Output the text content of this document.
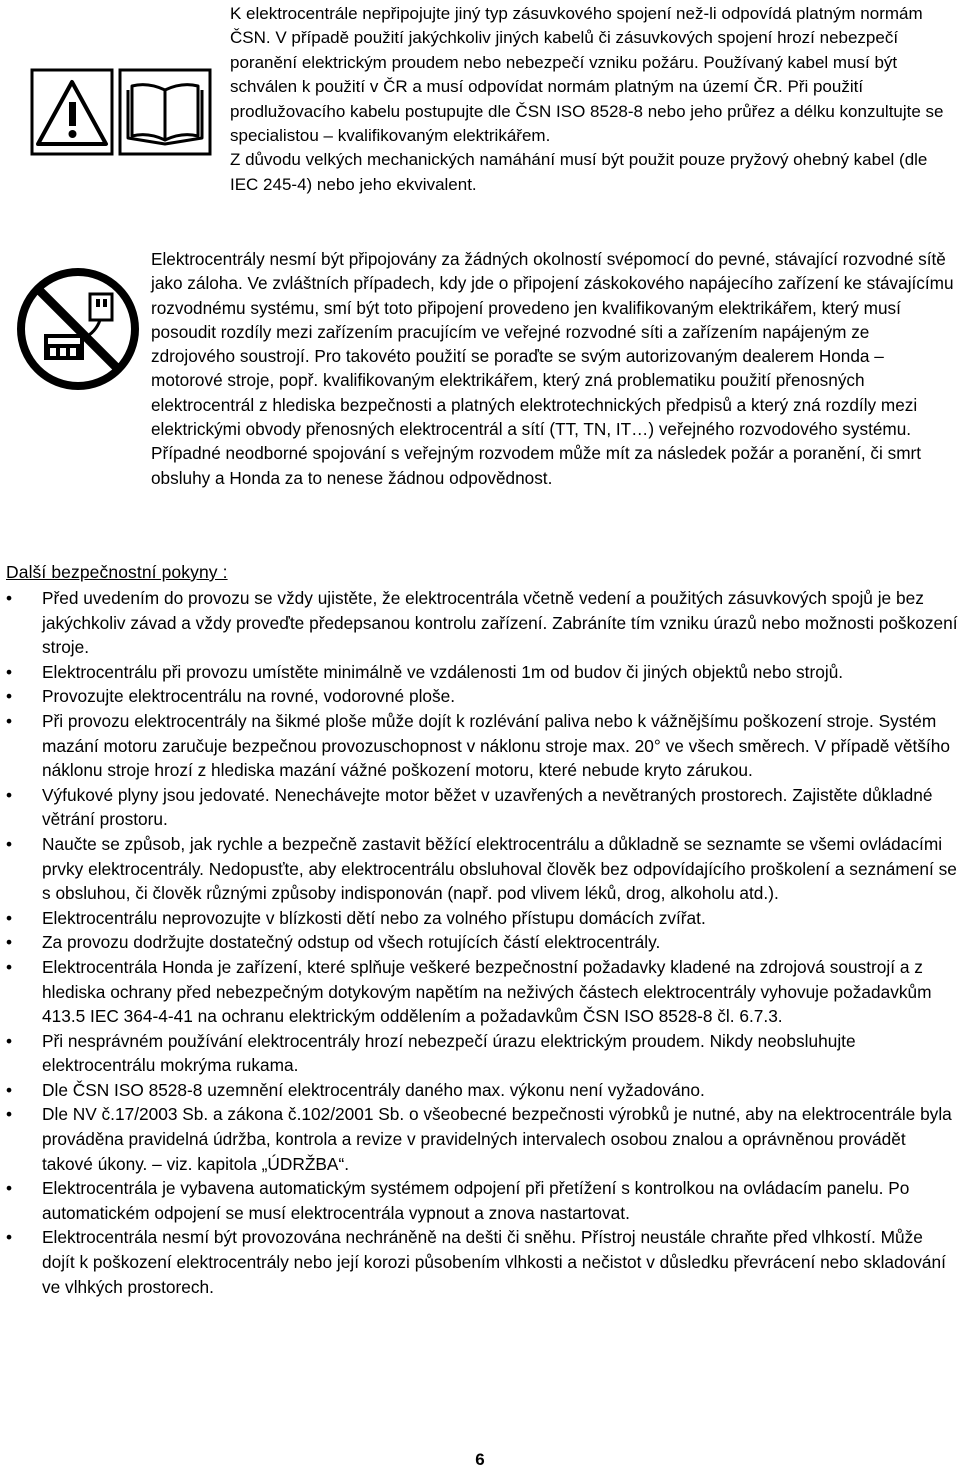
K elektrocentrále nepřipojujte jiný typ zásuvkového spojení než-li odpovídá platným normám ČSN. V případě použití jakýchkoliv jiných kabelů či zásuvkových spojení hrozí nebezpečí poranění elektrickým proudem nebo nebezpečí vzniku požáru. Používaný kabel musí být schválen k použití v ČR a musí odpovídat normám platným na území ČR. Při použití prodlužovacího kabelu postupujte dle ČSN ISO 8528-8 nebo jeho průřez a délku konzultujte se specialistou – kvalifikovaným elektrikářem.

Z důvodu velkých mechanických namáhání musí být použit pouze pryžový ohebný kabel (dle IEC 245-4) nebo jeho ekvivalent.

Elektrocentrály nesmí být připojovány za žádných okolností svépomocí do pevné, stávající rozvodné sítě jako záloha. Ve zvláštních případech, kdy jde o připojení záskokového napájecího zařízení ke stávajícímu rozvodnému systému, smí být toto připojení provedeno jen kvalifikovaným elektrikářem, který musí posoudit rozdíly mezi zařízením pracujícím ve veřejné rozvodné síti a zařízením napájeným ze zdrojového soustrojí. Pro takovéto použití se poraďte se svým autorizovaným dealerem Honda – motorové stroje, popř. kvalifikovaným elektrikářem, který zná problematiku použití přenosných elektrocentrál z hlediska bezpečnosti a platných elektrotechnických předpisů a který zná rozdíly mezi elektrickými obvody přenosných elektrocentrál a sítí (TT, TN, IT…) veřejného rozvodového systému.

Případné neodborné spojování s veřejným rozvodem může mít za následek požár a poranění, či smrt obsluhy a Honda za to nenese žádnou odpovědnost.

Další bezpečnostní pokyny :
• Před uvedením do provozu se vždy ujistěte, že elektrocentrála včetně vedení a použitých zásuvkových spojů je bez jakýchkoliv závad a vždy proveďte předepsanou kontrolu zařízení. Zabráníte tím vzniku úrazů nebo možnosti poškození stroje.
• Elektrocentrálu při provozu umístěte minimálně ve vzdálenosti 1m od budov či jiných objektů nebo strojů.
• Provozujte elektrocentrálu na rovné, vodorovné ploše.
• Při provozu elektrocentrály na šikmé ploše může dojít k rozlévání paliva nebo k vážnějšímu poškození stroje. Systém mazání motoru zaručuje bezpečnou provozuschopnost v náklonu stroje max. 20° ve všech směrech. V případě většího náklonu stroje hrozí z hlediska mazání vážné poškození motoru, které nebude kryto zárukou.
• Výfukové plyny jsou jedovaté. Nenechávejte motor běžet v uzavřených a nevětraných prostorech. Zajistěte důkladné větrání prostoru.
• Naučte se způsob, jak rychle a bezpečně zastavit běžící elektrocentrálu a důkladně se seznamte se všemi ovládacími prvky elektrocentrály. Nedopusťte, aby elektrocentrálu obsluhoval člověk bez odpovídajícího proškolení a seznámení se s obsluhou, či člověk různými způsoby indisponován (např. pod vlivem léků, drog, alkoholu atd.).
• Elektrocentrálu neprovozujte v blízkosti dětí nebo za volného přístupu domácích zvířat.
• Za provozu dodržujte dostatečný odstup od všech rotujících částí elektrocentrály.
• Elektrocentrála Honda je zařízení, které splňuje veškeré bezpečnostní požadavky kladené na zdrojová soustrojí a z hlediska ochrany před nebezpečným dotykovým napětím na neživých částech elektrocentrály vyhovuje požadavkům 413.5 IEC 364-4-41 na ochranu elektrickým oddělením a požadavkům ČSN ISO 8528-8 čl. 6.7.3.
• Při nesprávném používání elektrocentrály hrozí nebezpečí úrazu elektrickým proudem. Nikdy neobsluhujte elektrocentrálu mokrýma rukama.
• Dle ČSN ISO 8528-8 uzemnění elektrocentrály daného max. výkonu není vyžadováno.
• Dle NV č.17/2003 Sb. a zákona č.102/2001 Sb. o všeobecné bezpečnosti výrobků je nutné, aby na elektrocentrále byla prováděna pravidelná údržba, kontrola a revize v pravidelných intervalech osobou znalou a oprávněnou provádět takové úkony. – viz. kapitola „ÚDRŽBA“.
• Elektrocentrála je vybavena automatickým systémem odpojení při přetížení s kontrolkou na ovládacím panelu. Po automatickém odpojení se musí elektrocentrála vypnout a znova nastartovat.
• Elektrocentrála nesmí být provozována nechráněně na dešti či sněhu. Přístroj neustále chraňte před vlhkostí. Může dojít k poškození elektrocentrály nebo její korozi působením vlhkosti a nečistot v důsledku převrácení nebo skladování ve vlhkých prostorech.
6
